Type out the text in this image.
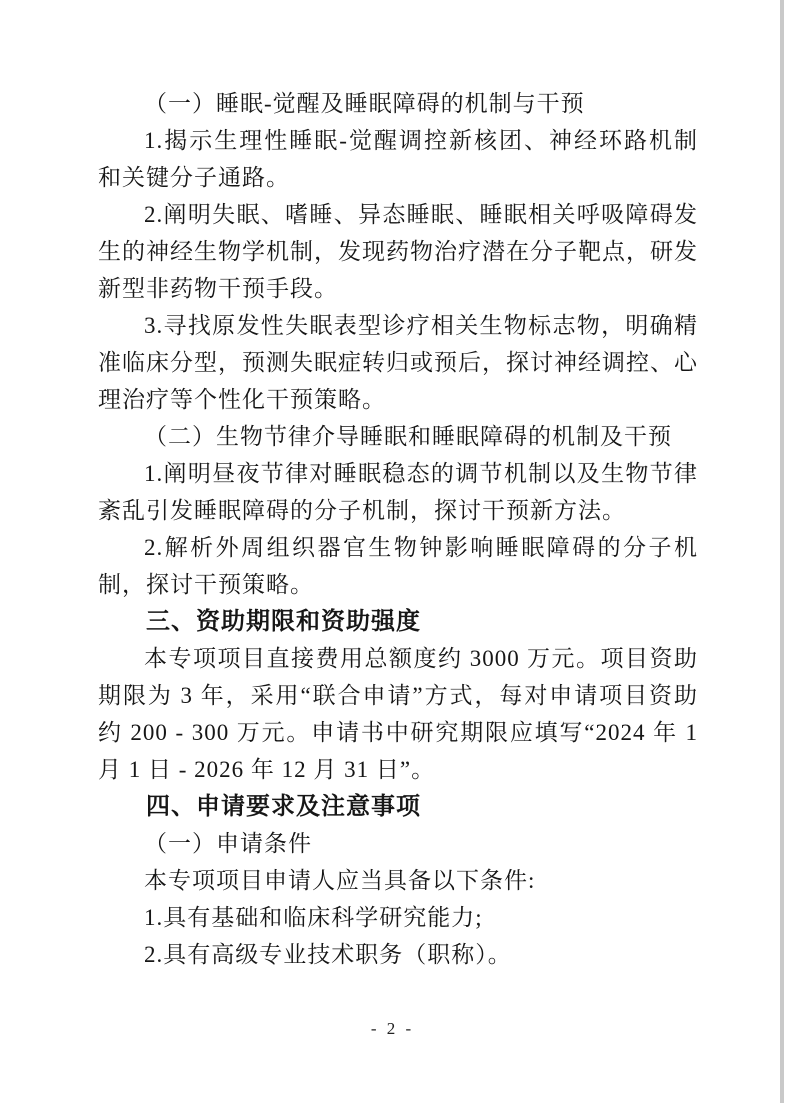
（一）睡眠-觉醒及睡眠障碍的机制与干预

1.揭示生理性睡眠-觉醒调控新核团、神经环路机制和关键分子通路。

2.阐明失眠、嗜睡、异态睡眠、睡眠相关呼吸障碍发生的神经生物学机制，发现药物治疗潜在分子靶点，研发新型非药物干预手段。

3.寻找原发性失眠表型诊疗相关生物标志物，明确精准临床分型，预测失眠症转归或预后，探讨神经调控、心理治疗等个性化干预策略。

（二）生物节律介导睡眠和睡眠障碍的机制及干预

1.阐明昼夜节律对睡眠稳态的调节机制以及生物节律紊乱引发睡眠障碍的分子机制，探讨干预新方法。

2.解析外周组织器官生物钟影响睡眠障碍的分子机制，探讨干预策略。

三、资助期限和资助强度

本专项项目直接费用总额度约 3000 万元。项目资助期限为 3 年，采用“联合申请”方式，每对申请项目资助约 200 - 300 万元。申请书中研究期限应填写“2024 年 1 月 1 日 - 2026 年 12 月 31 日”。

四、申请要求及注意事项

（一）申请条件

本专项项目申请人应当具备以下条件:

1.具有基础和临床科学研究能力;

2.具有高级专业技术职务（职称）。

- 2 -
